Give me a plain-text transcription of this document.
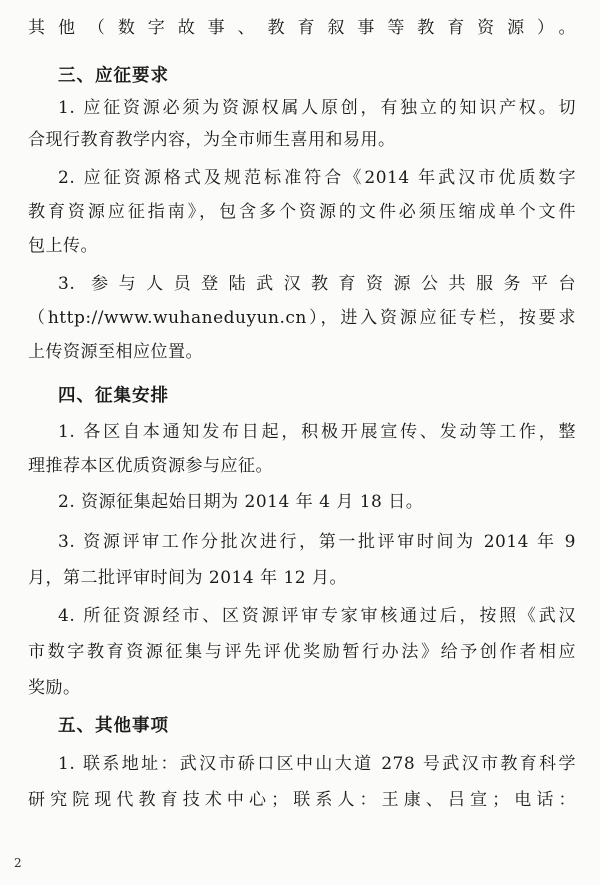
其他（数字故事、教育叙事等教育资源）。
三、应征要求
1. 应征资源必须为资源权属人原创，有独立的知识产权。切
合现行教育教学内容，为全市师生喜用和易用。
2. 应征资源格式及规范标准符合《2014 年武汉市优质数字
教育资源应征指南》，包含多个资源的文件必须压缩成单个文件
包上传。
3. 参与人员登陆武汉教育资源公共服务平台
（http://www.wuhaneduyun.cn），进入资源应征专栏，按要求
上传资源至相应位置。
四、征集安排
1. 各区自本通知发布日起，积极开展宣传、发动等工作，整
理推荐本区优质资源参与应征。
2. 资源征集起始日期为 2014 年 4 月 18 日。
3. 资源评审工作分批次进行，第一批评审时间为 2014 年 9
月，第二批评审时间为 2014 年 12 月。
4. 所征资源经市、区资源评审专家审核通过后，按照《武汉
市数字教育资源征集与评先评优奖励暂行办法》给予创作者相应
奖励。
五、其他事项
1. 联系地址：武汉市硚口区中山大道 278 号武汉市教育科学
研究院现代教育技术中心；联系人：王康、吕宣；电话：
2
